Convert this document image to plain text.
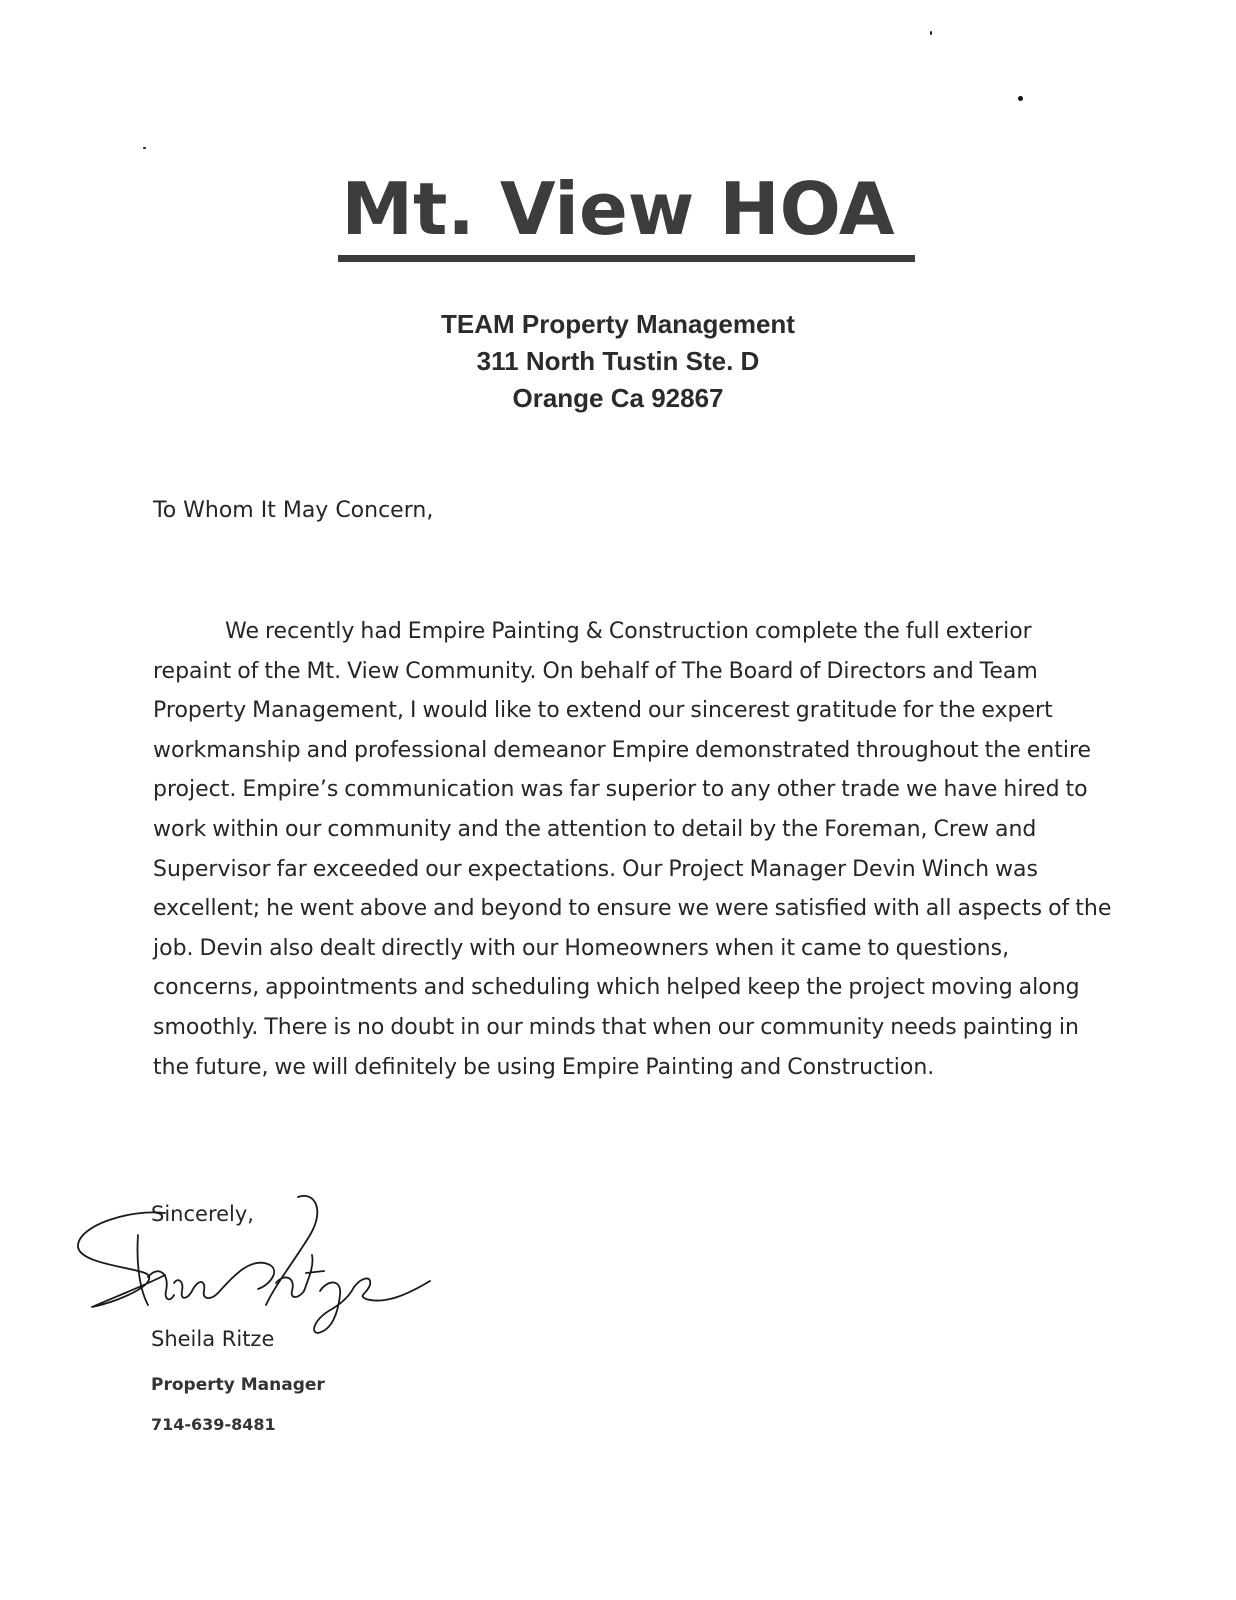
Mt. View HOA
TEAM Property Management
311 North Tustin Ste. D
Orange Ca 92867
To Whom It May Concern,

We recently had Empire Painting & Construction complete the full exterior repaint of the Mt. View Community. On behalf of The Board of Directors and Team Property Management, I would like to extend our sincerest gratitude for the expert workmanship and professional demeanor Empire demonstrated throughout the entire project. Empire’s communication was far superior to any other trade we have hired to work within our community and the attention to detail by the Foreman, Crew and Supervisor far exceeded our expectations. Our Project Manager Devin Winch was excellent; he went above and beyond to ensure we were satisfied with all aspects of the job. Devin also dealt directly with our Homeowners when it came to questions, concerns, appointments and scheduling which helped keep the project moving along smoothly. There is no doubt in our minds that when our community needs painting in the future, we will definitely be using Empire Painting and Construction.

Sincerely,
Sheila Ritze
Property Manager
714-639-8481
